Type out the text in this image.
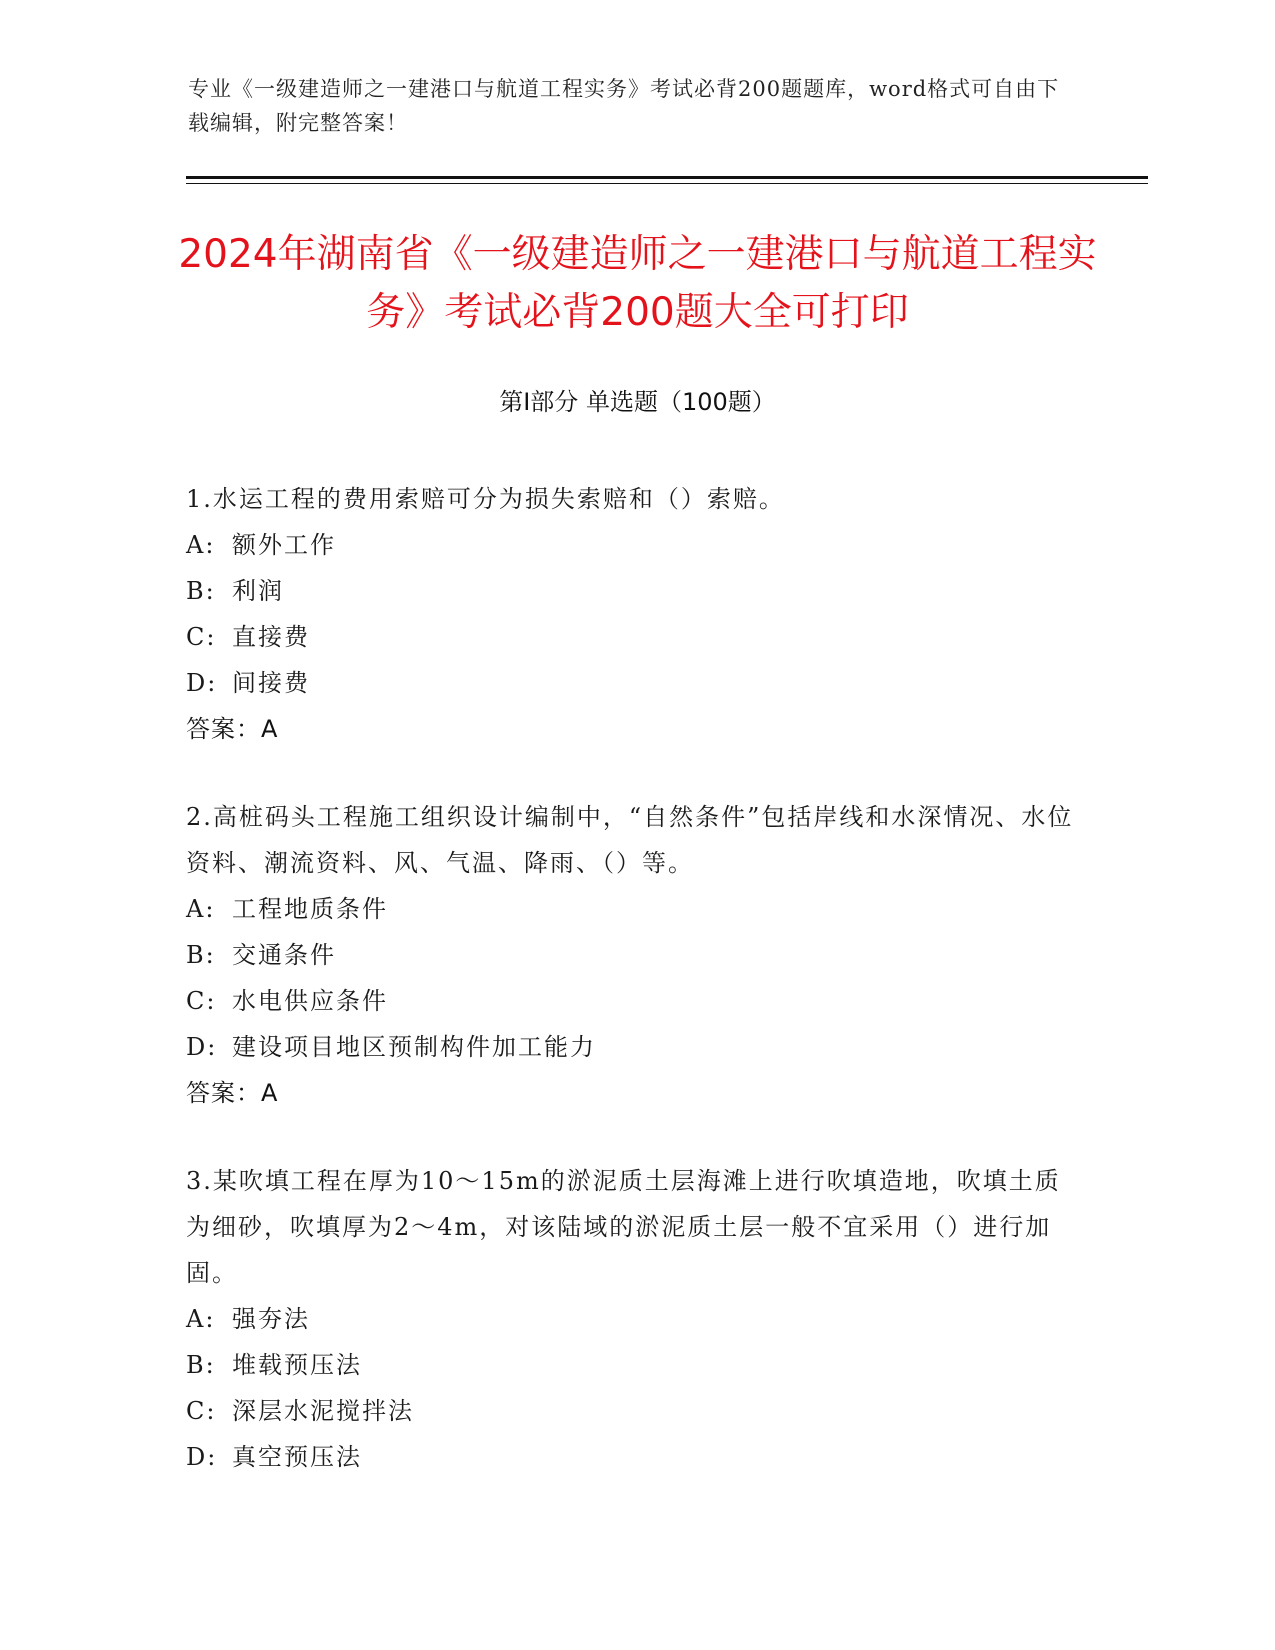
专业《一级建造师之一建港口与航道工程实务》考试必背200题题库，word格式可自由下载编辑，附完整答案！
2024年湖南省《一级建造师之一建港口与航道工程实务》考试必背200题大全可打印
第I部分 单选题（100题）
1.水运工程的费用索赔可分为损失索赔和（）索赔。
A: 额外工作
B: 利润
C: 直接费
D: 间接费
答案：A
2.高桩码头工程施工组织设计编制中，“自然条件”包括岸线和水深情况、水位资料、潮流资料、风、气温、降雨、（）等。
A: 工程地质条件
B: 交通条件
C: 水电供应条件
D: 建设项目地区预制构件加工能力
答案：A
3.某吹填工程在厚为10～15m的淤泥质土层海滩上进行吹填造地，吹填土质为细砂，吹填厚为2～4m，对该陆域的淤泥质土层一般不宜采用（）进行加固。
A: 强夯法
B: 堆载预压法
C: 深层水泥搅拌法
D: 真空预压法
